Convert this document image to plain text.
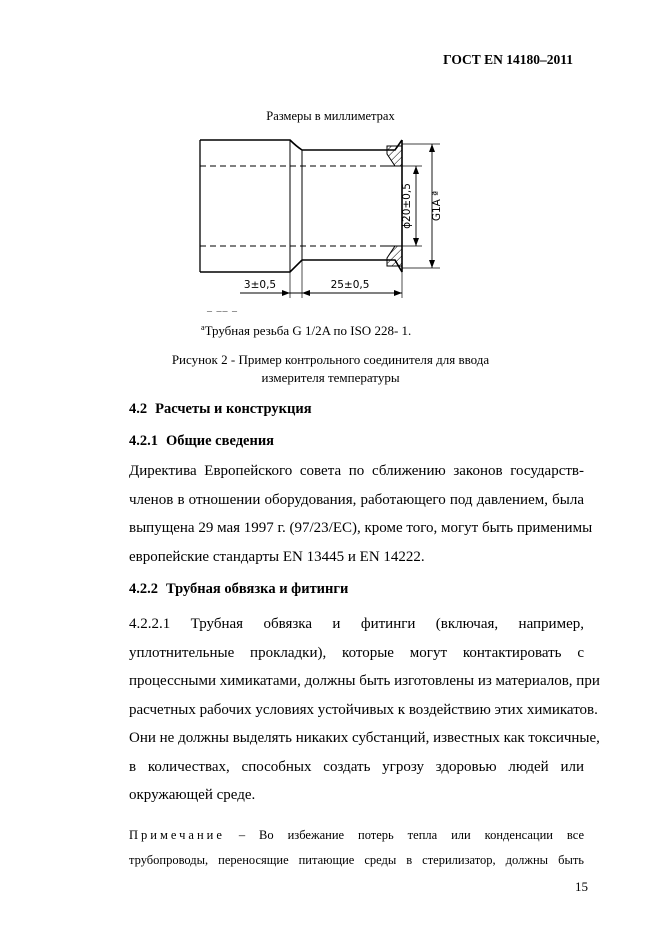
ГОСТ EN 14180–2011
Размеры в миллиметрах
ϕ20±0,5 G1A ª
3±0,5	25±0,5
– –– –
$^a$Трубная резьба G 1/2A по ISO 228- 1.
Рисунок 2 - Пример контрольного соединителя для ввода
измерителя температуры
4.2 Расчеты и конструкция
4.2.1 Общие сведения
Директива Европейского совета по сближению законов государств-
членов в отношении оборудования, работающего под давлением, была
выпущена 29 мая 1997 г. (97/23/ЕС), кроме того, могут быть применимы
европейские стандарты EN 13445 и EN 14222.
4.2.2 Трубная обвязка и фитинги
4.2.2.1 Трубная обвязка и фитинги (включая, например,
уплотнительные прокладки), которые могут контактировать с
процессными химикатами, должны быть изготовлены из материалов, при
расчетных рабочих условиях устойчивых к воздействию этих химикатов.
Они не должны выделять никаких субстанций, известных как токсичные,
в количествах, способных создать угрозу здоровью людей или
окружающей среде.
Примечание – Во избежание потерь тепла или конденсации все
трубопроводы, переносящие питающие среды в стерилизатор, должны быть
15
